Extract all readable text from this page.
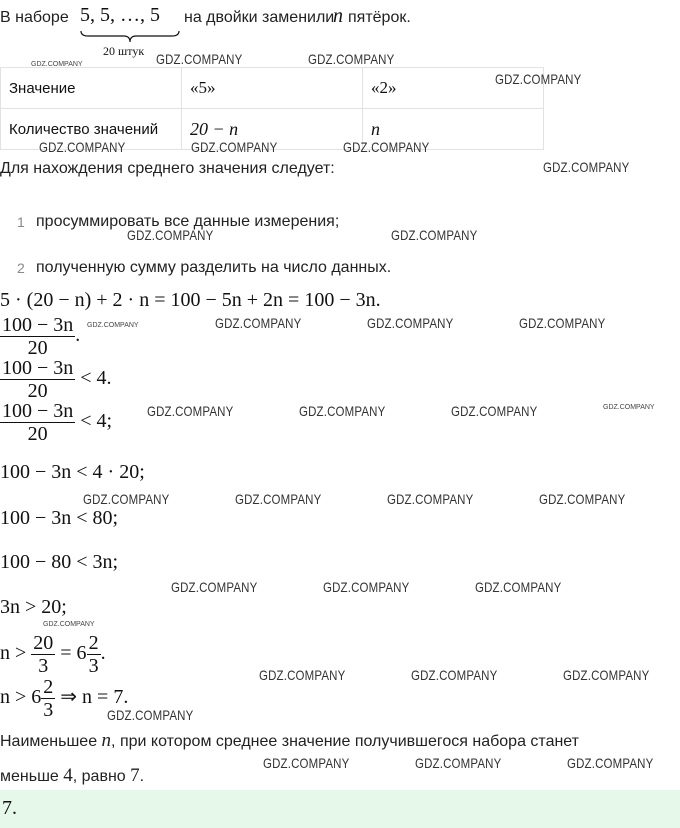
В наборе 5, 5, …, 5
20 штук
на двойки заменили
n пятёрок.
Значение	«5»	«2»
Количество значений	20 − n	n
Для нахождения среднего значения следует:
1 просуммировать все данные измерения;
2 полученную сумму разделить на число данных.
5 · (20 − n) + 2 · n = 100 − 5n + 2n = 100 − 3n.
$\frac{100 - 3n}{20}$ .
$\frac{100 - 3n}{20} < 4$.
$\frac{100 - 3n}{20} < 4$;
100 − 3n < 4 · 20;
100 − 3n < 80;
100 − 80 < 3n;
3n > 20;
$n > \frac{20}{3} = 6 \frac{2}{3}$ .
$n > 6 \frac{2}{3}$ ⇒ n = 7.
Наименьшее n, при котором среднее значение получившегося набора станет
меньше 4, равно 7.
7.
GDZ.COMPANY	GDZ.COMPANY	GDZ.COMPANY
GDZ.COMPANY
GDZ.COMPANY	GDZ.COMPANY	GDZ.COMPANY
GDZ.COMPANY
GDZ.COMPANY	GDZ.COMPANY
GDZ.COMPANY	GDZ.COMPANY	GDZ.COMPANY	GDZ.COMPANY
GDZ.COMPANY	GDZ.COMPANY	GDZ.COMPANY	GDZ.COMPANY
GDZ.COMPANY	GDZ.COMPANY	GDZ.COMPANY	GDZ.COMPANY
GDZ.COMPANY	GDZ.COMPANY	GDZ.COMPANY
GDZ.COMPANY
GDZ.COMPANY	GDZ.COMPANY	GDZ.COMPANY
GDZ.COMPANY
GDZ.COMPANY	GDZ.COMPANY	GDZ.COMPANY
